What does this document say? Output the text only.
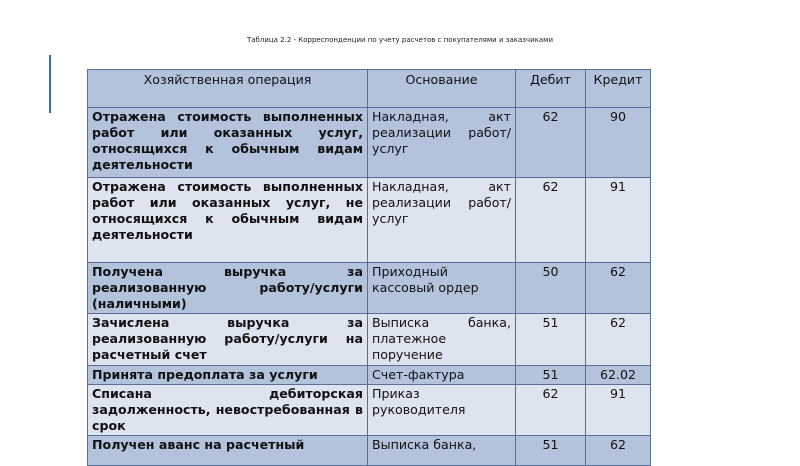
Таблица 2.2 - Корреспонденции по учету расчетов с покупателями и заказчиками
Хозяйственная операция	Основание	Дебит	Кредит
Отражена стоимость выполненных работ или оказанных услуг, относящихся к обычным видам деятельности	Накладная, акт реализации работ/услуг	62	90
Отражена стоимость выполненных работ или оказанных услуг, не относящихся к обычным видам деятельности	Накладная, акт реализации работ/услуг	62	91
Получена выручка за реализованную работу/услуги (наличными)	Приходный кассовый ордер	50	62
Зачислена выручка за реализованную работу/услуги на расчетный счет	Выписка банка, платежное поручение	51	62
Принята предоплата за услуги	Счет-фактура	51	62.02
Списана дебиторская задолженность, невостребованная в срок	Приказ руководителя	62	91
Получен аванс на расчетный	Выписка банка,	51	62
